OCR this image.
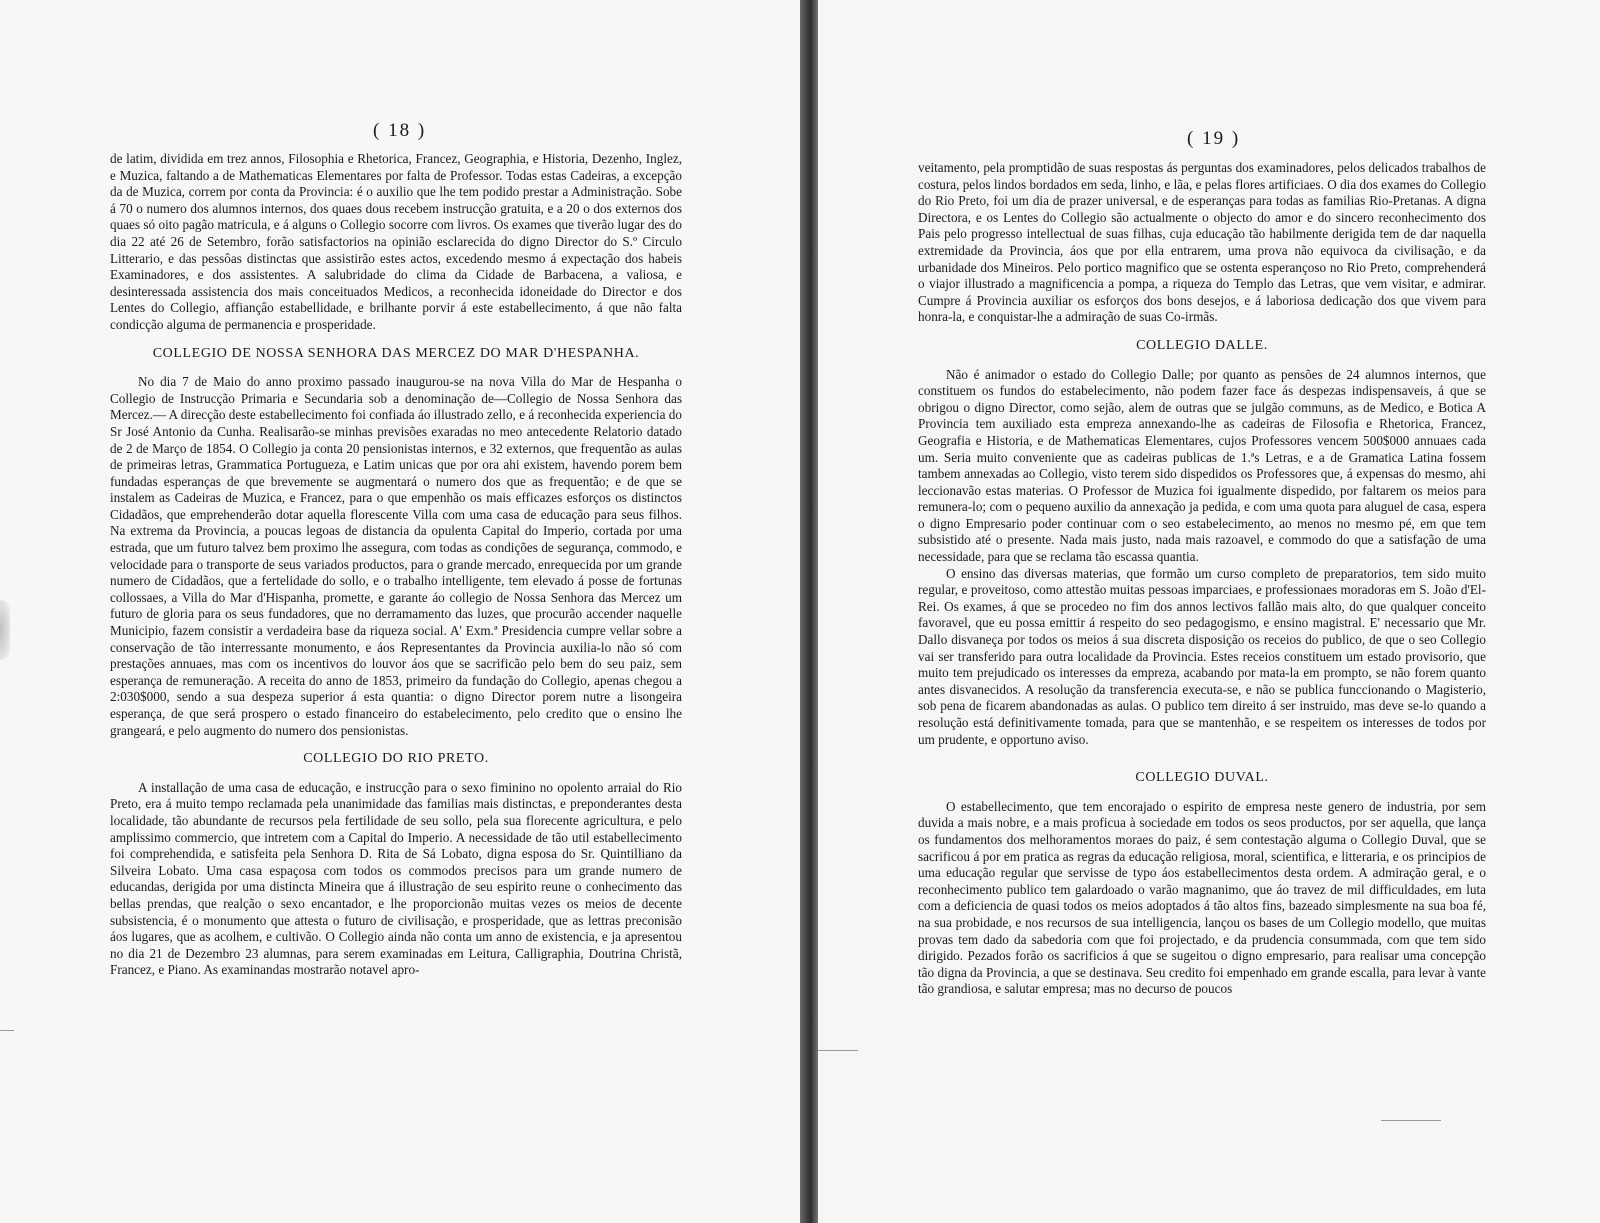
( 18 )

de latim, dividida em trez annos, Filosophia e Rhetorica, Francez, Geographia, e Historia, Dezenho, Inglez, e Muzica, faltando a de Mathematicas Elementares por falta de Professor. Todas estas Cadeiras, a excepção da de Muzica, correm por conta da Provincia: é o auxilio que lhe tem podido prestar a Administração. Sobe á 70 o numero dos alumnos internos, dos quaes dous recebem instrucção gratuita, e a 20 o dos externos dos quaes só oito pagão matricula, e á alguns o Collegio socorre com livros. Os exames que tiverão lugar des do dia 22 até 26 de Setembro, forão satisfactorios na opinião esclarecida do digno Director do S.º Circulo Litterario, e das pessôas distinctas que assistirão estes actos, excedendo mesmo á expectação dos habeis Examinadores, e dos assistentes. A salubridade do clima da Cidade de Barbacena, a valiosa, e desinteressada assistencia dos mais conceituados Medicos, a reconhecida idoneidade do Director e dos Lentes do Collegio, affiançâo estabellidade, e brilhante porvir á este estabellecimento, á que não falta condicção alguma de permanencia e prosperidade.

COLLEGIO DE NOSSA SENHORA DAS MERCEZ DO MAR D'HESPANHA.

No dia 7 de Maio do anno proximo passado inaugurou-se na nova Villa do Mar de Hespanha o Collegio de Instrucção Primaria e Secundaria sob a denominação de—Collegio de Nossa Senhora das Mercez.— A direcção deste estabellecimento foi confiada áo illustrado zello, e á reconhecida experiencia do Sr José Antonio da Cunha. Realisarão-se minhas previsões exaradas no meo antecedente Relatorio datado de 2 de Março de 1854. O Collegio ja conta 20 pensionistas internos, e 32 externos, que frequentão as aulas de primeiras letras, Grammatica Portugueza, e Latim unicas que por ora ahi existem, havendo porem bem fundadas esperanças de que brevemente se augmentará o numero dos que as frequentão; e de que se instalem as Cadeiras de Muzica, e Francez, para o que empenhão os mais efficazes esforços os distinctos Cidadãos, que emprehenderão dotar aquella florescente Villa com uma casa de educação para seus filhos. Na extrema da Provincia, a poucas legoas de distancia da opulenta Capital do Imperio, cortada por uma estrada, que um futuro talvez bem proximo lhe assegura, com todas as condições de segurança, commodo, e velocidade para o transporte de seus variados productos, para o grande mercado, enrequecida por um grande numero de Cidadãos, que a fertelidade do sollo, e o trabalho intelligente, tem elevado á posse de fortunas collossaes, a Villa do Mar d'Hispanha, promette, e garante áo collegio de Nossa Senhora das Mercez um futuro de gloria para os seus fundadores, que no derramamento das luzes, que procurão accender naquelle Municipio, fazem consistir a verdadeira base da riqueza social. A' Exm.ª Presidencia cumpre vellar sobre a conservação de tão interressante monumento, e áos Representantes da Provincia auxilia-lo não só com prestações annuaes, mas com os incentivos do louvor áos que se sacrificão pelo bem do seu paiz, sem esperança de remuneração. A receita do anno de 1853, primeiro da fundação do Collegio, apenas chegou a 2:030$000, sendo a sua despeza superior á esta quantia: o digno Director porem nutre a lisongeira esperança, de que será prospero o estado financeiro do estabelecimento, pelo credito que o ensino lhe grangeará, e pelo augmento do numero dos pensionistas.

COLLEGIO DO RIO PRETO.

A installação de uma casa de educação, e instrucção para o sexo fiminino no opolento arraial do Rio Preto, era á muito tempo reclamada pela unanimidade das familias mais distinctas, e preponderantes desta localidade, tão abundante de recursos pela fertilidade de seu sollo, pela sua florecente agricultura, e pelo amplissimo commercio, que intretem com a Capital do Imperio. A necessidade de tão util estabellecimento foi comprehendida, e satisfeita pela Senhora D. Rita de Sá Lobato, digna esposa do Sr. Quintilliano da Silveira Lobato. Uma casa espaçosa com todos os commodos precisos para um grande numero de educandas, derigida por uma distincta Mineira que á illustração de seu espirito reune o conhecimento das bellas prendas, que realção o sexo encantador, e lhe proporcionão muitas vezes os meios de decente subsistencia, é o monumento que attesta o futuro de civilisação, e prosperidade, que as lettras preconisão áos lugares, que as acolhem, e cultivão. O Collegio ainda não conta um anno de existencia, e ja apresentou no dia 21 de Dezembro 23 alumnas, para serem examinadas em Leitura, Calligraphia, Doutrina Christã, Francez, e Piano. As examinandas mostrarão notavel apro-

( 19 )

veitamento, pela promptidão de suas respostas ás perguntas dos examinadores, pelos delicados trabalhos de costura, pelos lindos bordados em seda, linho, e lãa, e pelas flores artificiaes. O dia dos exames do Collegio do Rio Preto, foi um dia de prazer universal, e de esperanças para todas as familias Rio-Pretanas. A digna Directora, e os Lentes do Collegio são actualmente o objecto do amor e do sincero reconhecimento dos Pais pelo progresso intellectual de suas filhas, cuja educação tão habilmente derigida tem de dar naquella extremidade da Provincia, áos que por ella entrarem, uma prova não equivoca da civilisação, e da urbanidade dos Mineiros. Pelo portico magnifico que se ostenta esperançoso no Rio Preto, comprehenderá o viajor illustrado a magnificencia a pompa, a riqueza do Templo das Letras, que vem visitar, e admirar. Cumpre á Provincia auxiliar os esforços dos bons desejos, e á laboriosa dedicação dos que vivem para honra-la, e conquistar-lhe a admiração de suas Co-irmãs.

COLLEGIO DALLE.

Não é animador o estado do Collegio Dalle; por quanto as pensões de 24 alumnos internos, que constituem os fundos do estabelecimento, não podem fazer face ás despezas indispensaveis, á que se obrigou o digno Director, como sejão, alem de outras que se julgão communs, as de Medico, e Botica A Provincia tem auxiliado esta empreza annexando-lhe as cadeiras de Filosofia e Rhetorica, Francez, Geografia e Historia, e de Mathematicas Elementares, cujos Professores vencem 500$000 annuaes cada um. Seria muito conveniente que as cadeiras publicas de 1.ªs Letras, e a de Gramatica Latina fossem tambem annexadas ao Collegio, visto terem sido dispedidos os Professores que, á expensas do mesmo, ahi leccionavão estas materias. O Professor de Muzica foi igualmente dispedido, por faltarem os meios para remunera-lo; com o pequeno auxilio da annexação ja pedida, e com uma quota para aluguel de casa, espera o digno Empresario poder continuar com o seo estabelecimento, ao menos no mesmo pé, em que tem subsistido até o presente. Nada mais justo, nada mais razoavel, e commodo do que a satisfação de uma necessidade, para que se reclama tão escassa quantia.

O ensino das diversas materias, que formão um curso completo de preparatorios, tem sido muito regular, e proveitoso, como attestão muitas pessoas imparciaes, e professionaes moradoras em S. João d'El-Rei. Os exames, á que se procedeo no fim dos annos lectivos fallão mais alto, do que qualquer conceito favoravel, que eu possa emittir á respeito do seo pedagogismo, e ensino magistral. E' necessario que Mr. Dallo disvaneça por todos os meios á sua discreta disposição os receios do publico, de que o seo Collegio vai ser transferido para outra localidade da Provincia. Estes receios constituem um estado provisorio, que muito tem prejudicado os interesses da empreza, acabando por mata-la em prompto, se não forem quanto antes disvanecidos. A resolução da transferencia executa-se, e não se publica funccionando o Magisterio, sob pena de ficarem abandonadas as aulas. O publico tem direito á ser instruido, mas deve se-lo quando a resolução está definitivamente tomada, para que se mantenhão, e se respeitem os interesses de todos por um prudente, e opportuno aviso.

COLLEGIO DUVAL.

O estabellecimento, que tem encorajado o espirito de empresa neste genero de industria, por sem duvida a mais nobre, e a mais proficua à sociedade em todos os seos productos, por ser aquella, que lança os fundamentos dos melhoramentos moraes do paiz, é sem contestação alguma o Collegio Duval, que se sacrificou á por em pratica as regras da educação religiosa, moral, scientifica, e litteraria, e os principios de uma educação regular que servisse de typo áos estabellecimentos desta ordem. A admiração geral, e o reconhecimento publico tem galardoado o varão magnanimo, que áo travez de mil difficuldades, em luta com a deficiencia de quasi todos os meios adoptados á tão altos fins, bazeado simplesmente na sua boa fé, na sua probidade, e nos recursos de sua intelligencia, lançou os bases de um Collegio modello, que muitas provas tem dado da sabedoria com que foi projectado, e da prudencia consummada, com que tem sido dirigido. Pezados forão os sacrificios á que se sugeitou o digno empresario, para realisar uma concepção tão digna da Provincia, a que se destinava. Seu credito foi empenhado em grande escalla, para levar à vante tão grandiosa, e salutar empresa; mas no decurso de poucos
